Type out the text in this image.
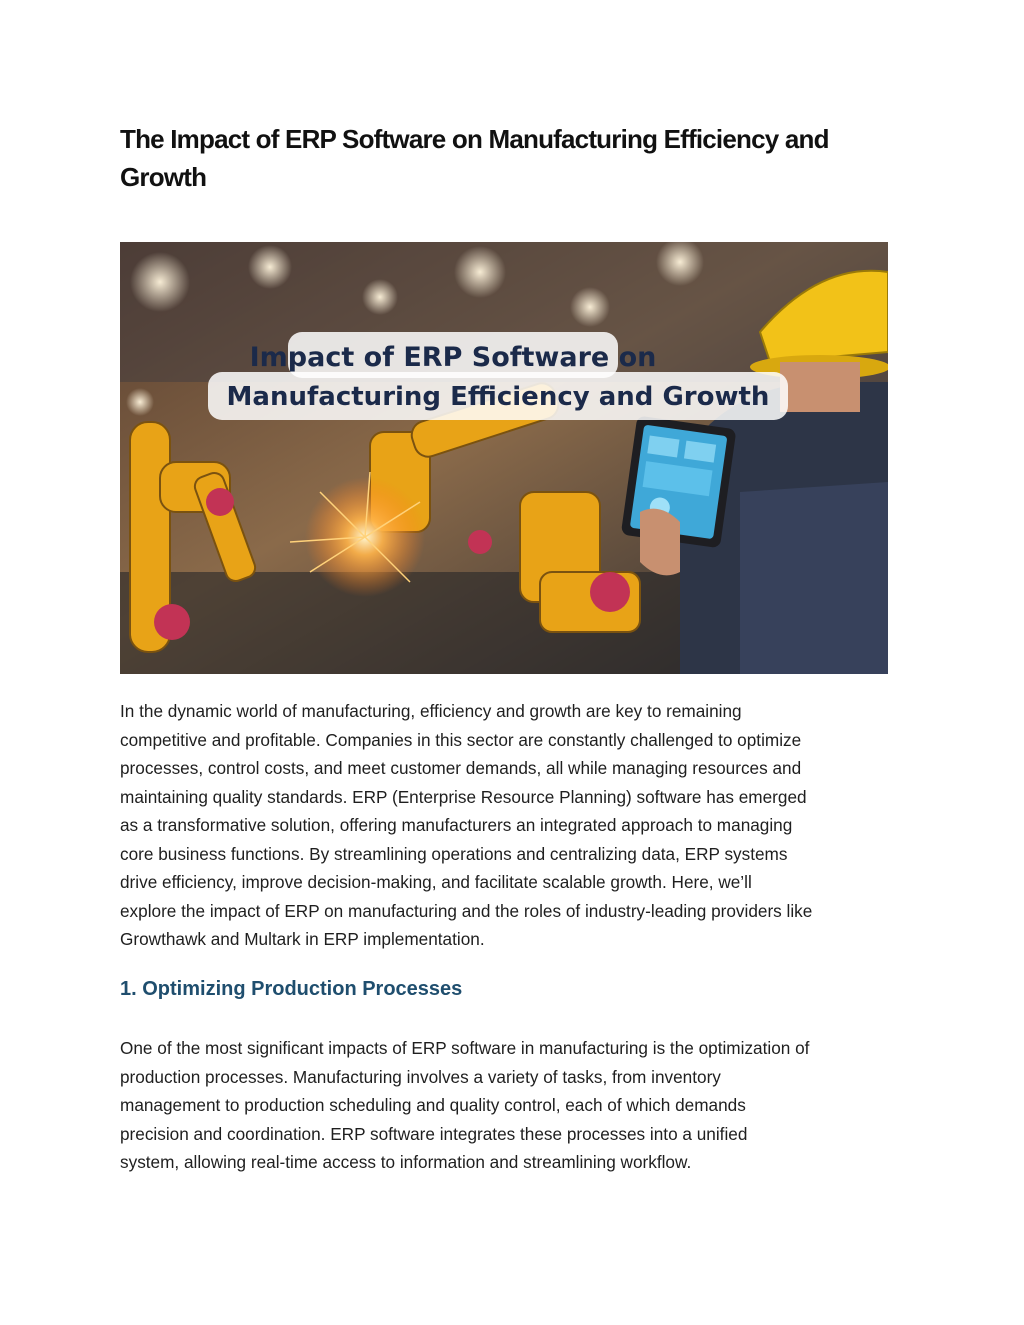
The Impact of ERP Software on Manufacturing Efficiency and Growth
Impact of ERP Software on
Manufacturing Efficiency and Growth

In the dynamic world of manufacturing, efficiency and growth are key to remaining
competitive and profitable. Companies in this sector are constantly challenged to optimize
processes, control costs, and meet customer demands, all while managing resources and
maintaining quality standards. ERP (Enterprise Resource Planning) software has emerged
as a transformative solution, offering manufacturers an integrated approach to managing
core business functions. By streamlining operations and centralizing data, ERP systems
drive efficiency, improve decision-making, and facilitate scalable growth. Here, we’ll
explore the impact of ERP on manufacturing and the roles of industry-leading providers like
Growthawk and Multark in ERP implementation.

1. Optimizing Production Processes

One of the most significant impacts of ERP software in manufacturing is the optimization of
production processes. Manufacturing involves a variety of tasks, from inventory
management to production scheduling and quality control, each of which demands
precision and coordination. ERP software integrates these processes into a unified
system, allowing real-time access to information and streamlining workflow.
